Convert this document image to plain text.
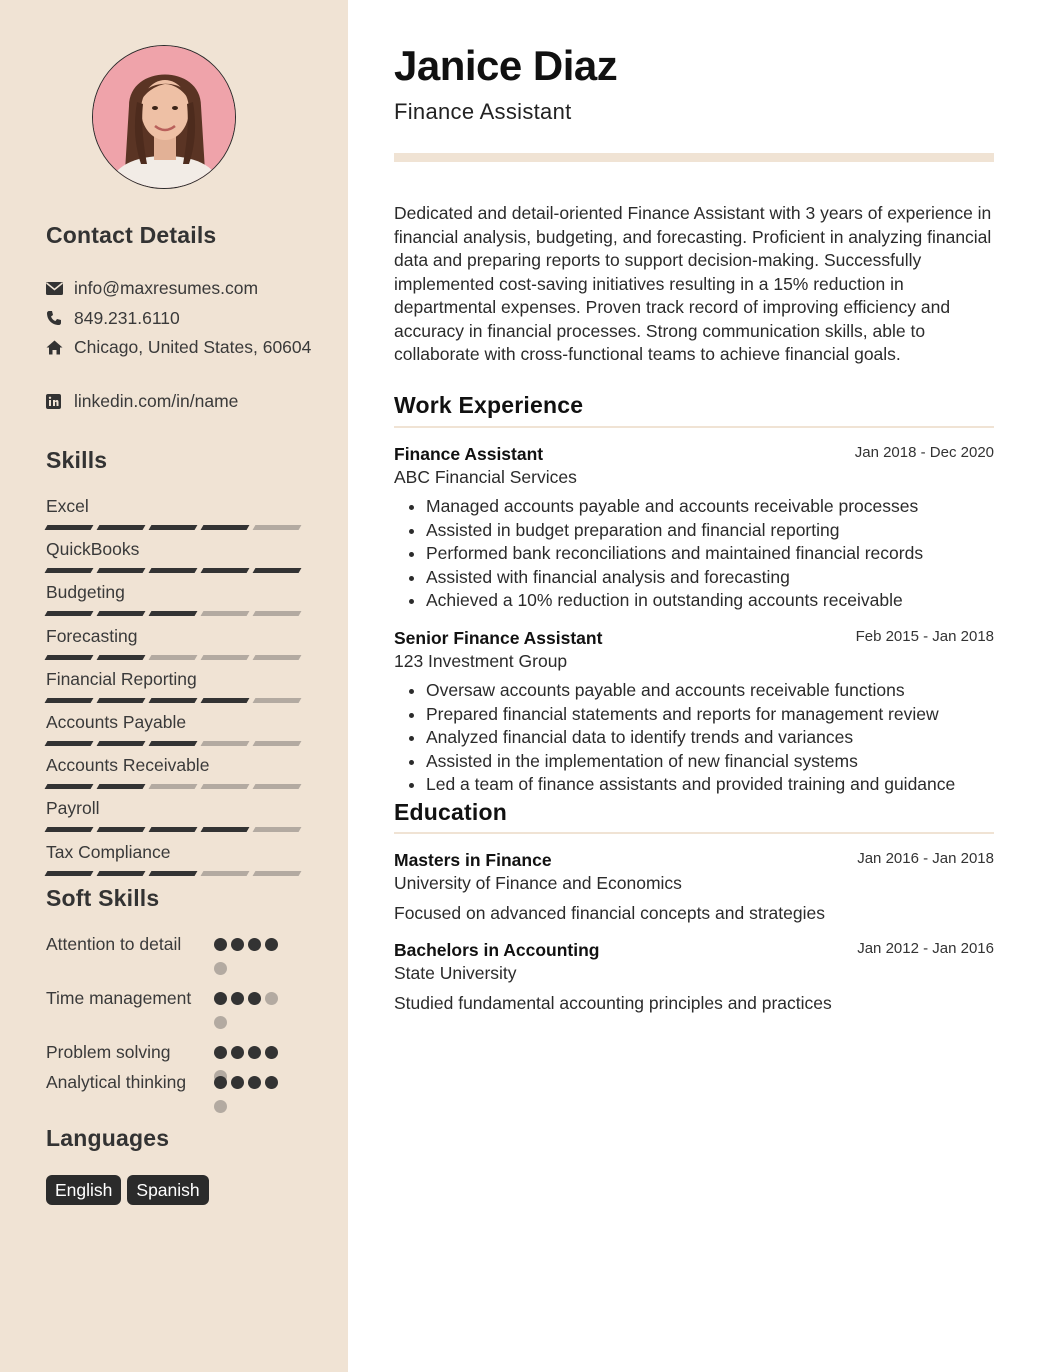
Contact Details
info@maxresumes.com
849.231.6110
Chicago, United States, 60604
linkedin.com/in/name
Skills
Excel
QuickBooks
Budgeting
Forecasting
Financial Reporting
Accounts Payable
Accounts Receivable
Payroll
Tax Compliance
Soft Skills
Attention to detail
Time management
Problem solving
Analytical thinking
Languages
English	Spanish
Janice Diaz
Finance Assistant
Dedicated and detail-oriented Finance Assistant with 3 years of experience in financial analysis, budgeting, and forecasting. Proficient in analyzing financial data and preparing reports to support decision-making. Successfully implemented cost-saving initiatives resulting in a 15% reduction in departmental expenses. Proven track record of improving efficiency and accuracy in financial processes. Strong communication skills, able to collaborate with cross-functional teams to achieve financial goals.
Work Experience
Finance Assistant	Jan 2018 - Dec 2020
ABC Financial Services
• Managed accounts payable and accounts receivable processes
• Assisted in budget preparation and financial reporting
• Performed bank reconciliations and maintained financial records
• Assisted with financial analysis and forecasting
• Achieved a 10% reduction in outstanding accounts receivable
Senior Finance Assistant	Feb 2015 - Jan 2018
123 Investment Group
• Oversaw accounts payable and accounts receivable functions
• Prepared financial statements and reports for management review
• Analyzed financial data to identify trends and variances
• Assisted in the implementation of new financial systems
• Led a team of finance assistants and provided training and guidance
Education
Masters in Finance	Jan 2016 - Jan 2018
University of Finance and Economics
Focused on advanced financial concepts and strategies
Bachelors in Accounting	Jan 2012 - Jan 2016
State University
Studied fundamental accounting principles and practices
